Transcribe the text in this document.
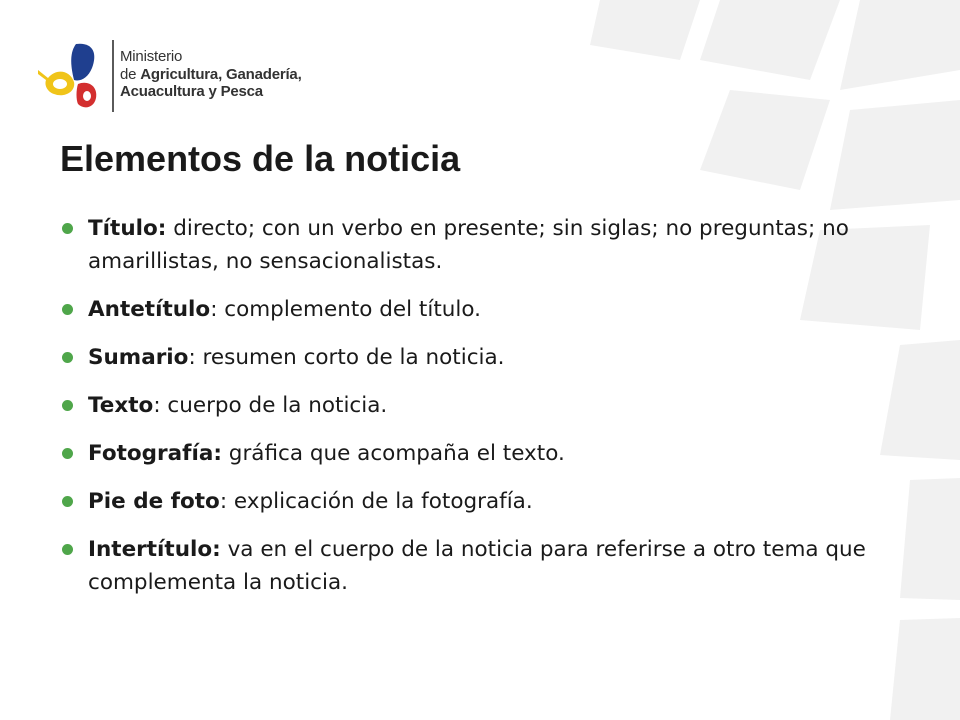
Ministerio
de Agricultura, Ganadería,
Acuacultura y Pesca
Elementos de la noticia
Título: directo; con un verbo en presente; sin siglas; no preguntas; no amarillistas, no sensacionalistas.
Antetítulo: complemento del título.
Sumario: resumen corto de la noticia.
Texto: cuerpo de la noticia.
Fotografía: gráfica que acompaña el texto.
Pie de foto: explicación de la fotografía.
Intertítulo: va en el cuerpo de la noticia para referirse a otro tema que complementa la noticia.
